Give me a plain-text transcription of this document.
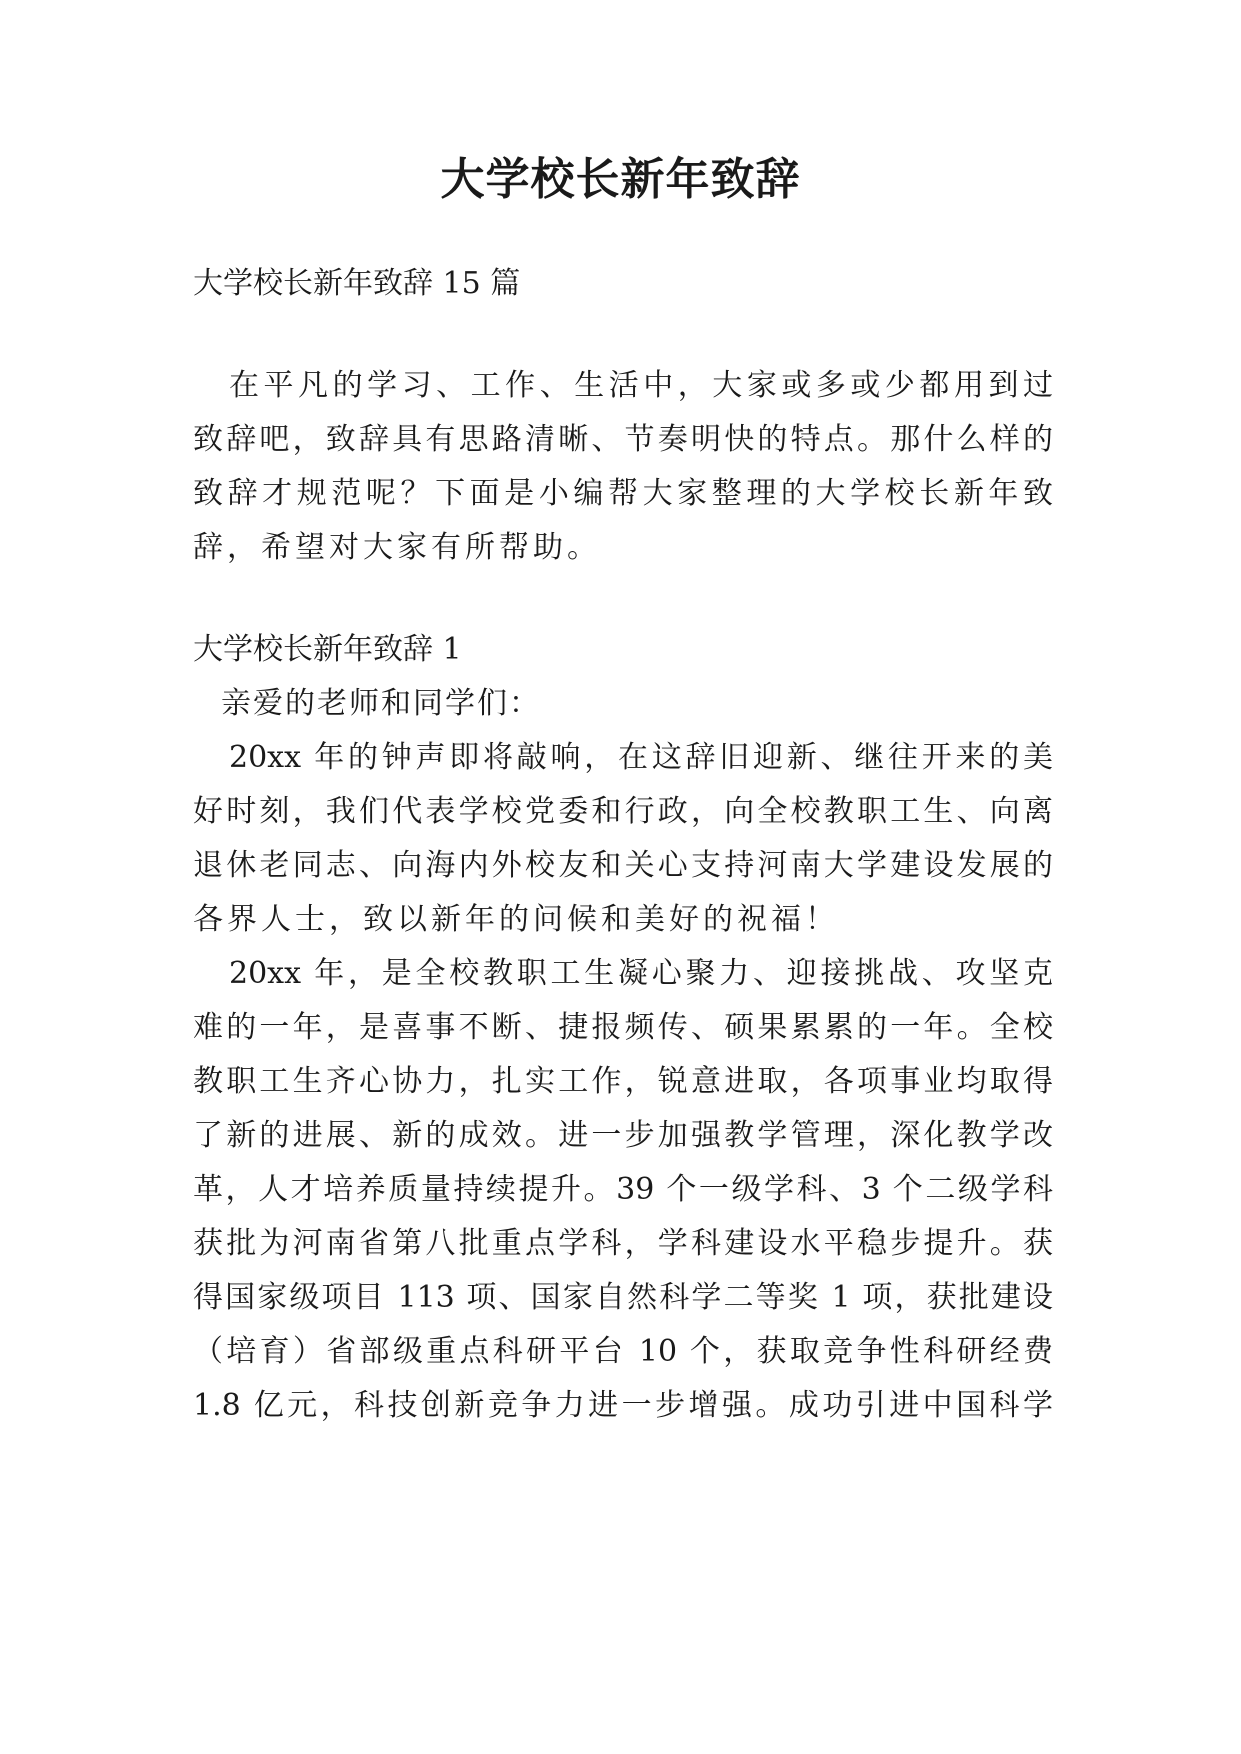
大学校长新年致辞

大学校长新年致辞 15 篇

在平凡的学习、工作、生活中，大家或多或少都用到过

致辞吧，致辞具有思路清晰、节奏明快的特点。那什么样的

致辞才规范呢？下面是小编帮大家整理的大学校长新年致

辞，希望对大家有所帮助。

大学校长新年致辞 1

亲爱的老师和同学们：

20xx 年的钟声即将敲响，在这辞旧迎新、继往开来的美

好时刻，我们代表学校党委和行政，向全校教职工生、向离

退休老同志、向海内外校友和关心支持河南大学建设发展的

各界人士，致以新年的问候和美好的祝福！

20xx 年，是全校教职工生凝心聚力、迎接挑战、攻坚克

难的一年，是喜事不断、捷报频传、硕果累累的一年。全校

教职工生齐心协力，扎实工作，锐意进取，各项事业均取得

了新的进展、新的成效。进一步加强教学管理，深化教学改

革，人才培养质量持续提升。39 个一级学科、3 个二级学科

获批为河南省第八批重点学科，学科建设水平稳步提升。获

得国家级项目 113 项、国家自然科学二等奖 1 项，获批建设

（培育）省部级重点科研平台 10 个，获取竞争性科研经费

1.8 亿元，科技创新竞争力进一步增强。成功引进中国科学
